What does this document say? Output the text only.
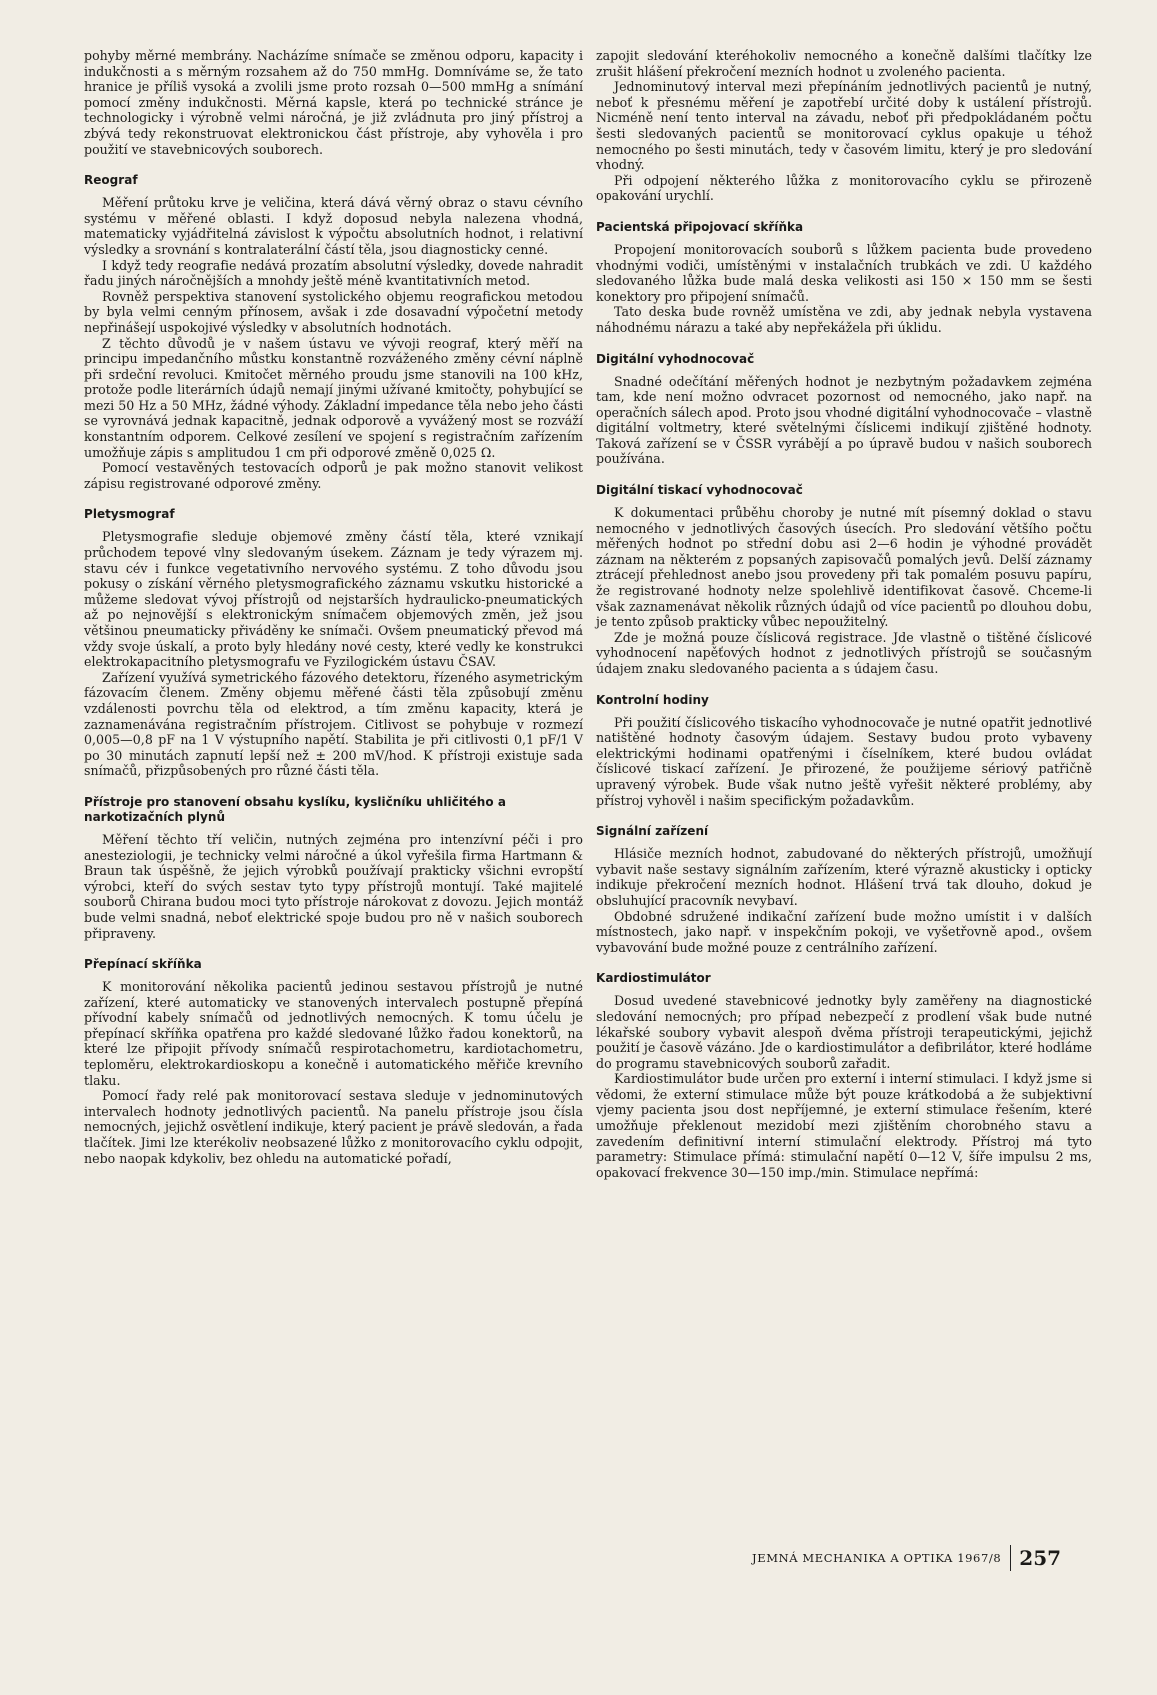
pohyby měrné membrány. Nacházíme snímače se změnou odporu, kapacity i indukčnosti a s měrným rozsahem až do 750 mmHg. Domníváme se, že tato hranice je příliš vysoká a zvolili jsme proto rozsah 0—500 mmHg a snímání pomocí změny indukčnosti. Měrná kapsle, která po technické stránce je technologicky i výrobně velmi náročná, je již zvládnuta pro jiný přístroj a zbývá tedy rekonstruovat elektronickou část přístroje, aby vyhověla i pro použití ve stavebnicových souborech.

Reograf

Měření průtoku krve je veličina, která dává věrný obraz o stavu cévního systému v měřené oblasti. I když doposud nebyla nalezena vhodná, matematicky vyjádřitelná závislost k výpočtu absolutních hodnot, i relativní výsledky a srovnání s kontralaterální částí těla, jsou diagnosticky cenné.

I když tedy reografie nedává prozatím absolutní výsledky, dovede nahradit řadu jiných náročnějších a mnohdy ještě méně kvantitativních metod.

Rovněž perspektiva stanovení systolického objemu reografickou metodou by byla velmi cenným přínosem, avšak i zde dosavadní výpočetní metody nepřinášejí uspokojivé výsledky v absolutních hodnotách.

Z těchto důvodů je v našem ústavu ve vývoji reograf, který měří na principu impedančního můstku konstantně rozváženého změny cévní náplně při srdeční revoluci. Kmitočet měrného proudu jsme stanovili na 100 kHz, protože podle literárních údajů nemají jinými užívané kmitočty, pohybující se mezi 50 Hz a 50 MHz, žádné výhody. Základní impedance těla nebo jeho části se vyrovnává jednak kapacitně, jednak odporově a vyvážený most se rozváží konstantním odporem. Celkové zesílení ve spojení s registračním zařízením umožňuje zápis s amplitudou 1 cm při odporové změně 0,025 Ω.

Pomocí vestavěných testovacích odporů je pak možno stanovit velikost zápisu registrované odporové změny.

Pletysmograf

Pletysmografie sleduje objemové změny částí těla, které vznikají průchodem tepové vlny sledovaným úsekem. Záznam je tedy výrazem mj. stavu cév i funkce vegetativního nervového systému. Z toho důvodu jsou pokusy o získání věrného pletysmografického záznamu vskutku historické a můžeme sledovat vývoj přístrojů od nejstarších hydraulicko-pneumatických až po nejnovější s elektronickým snímačem objemových změn, jež jsou většinou pneumaticky přiváděny ke snímači. Ovšem pneumatický převod má vždy svoje úskalí, a proto byly hledány nové cesty, které vedly ke konstrukci elektrokapacitního pletysmografu ve Fyzilogickém ústavu ČSAV.

Zařízení využívá symetrického fázového detektoru, řízeného asymetrickým fázovacím členem. Změny objemu měřené části těla způsobují změnu vzdálenosti povrchu těla od elektrod, a tím změnu kapacity, která je zaznamenávána registračním přístrojem. Citlivost se pohybuje v rozmezí 0,005—0,8 pF na 1 V výstupního napětí. Stabilita je při citlivosti 0,1 pF/1 V po 30 minutách zapnutí lepší než ± 200 mV/hod. K přístroji existuje sada snímačů, přizpůsobených pro různé části těla.

Přístroje pro stanovení obsahu kyslíku, kysličníku uhličitého a narkotizačních plynů

Měření těchto tří veličin, nutných zejména pro intenzívní péči i pro anesteziologii, je technicky velmi náročné a úkol vyřešila firma Hartmann & Braun tak úspěšně, že jejich výrobků používají prakticky všichni evropští výrobci, kteří do svých sestav tyto typy přístrojů montují. Také majitelé souborů Chirana budou moci tyto přístroje nárokovat z dovozu. Jejich montáž bude velmi snadná, neboť elektrické spoje budou pro ně v našich souborech připraveny.

Přepínací skříňka

K monitorování několika pacientů jedinou sestavou přístrojů je nutné zařízení, které automaticky ve stanovených intervalech postupně přepíná přívodní kabely snímačů od jednotlivých nemocných. K tomu účelu je přepínací skříňka opatřena pro každé sledované lůžko řadou konektorů, na které lze připojit přívody snímačů respirotachometru, kardiotachometru, teploměru, elektrokardioskopu a konečně i automatického měřiče krevního tlaku.

Pomocí řady relé pak monitorovací sestava sleduje v jednominutových intervalech hodnoty jednotlivých pacientů. Na panelu přístroje jsou čísla nemocných, jejichž osvětlení indikuje, který pacient je právě sledován, a řada tlačítek. Jimi lze kterékoliv neobsazené lůžko z monitorovacího cyklu odpojit, nebo naopak kdykoliv, bez ohledu na automatické pořadí,

zapojit sledování kteréhokoliv nemocného a konečně dalšími tlačítky lze zrušit hlášení překročení mezních hodnot u zvoleného pacienta.

Jednominutový interval mezi přepínáním jednotlivých pacientů je nutný, neboť k přesnému měření je zapotřebí určité doby k ustálení přístrojů. Nicméně není tento interval na závadu, neboť při předpokládaném počtu šesti sledovaných pacientů se monitorovací cyklus opakuje u téhož nemocného po šesti minutách, tedy v časovém limitu, který je pro sledování vhodný.

Při odpojení některého lůžka z monitorovacího cyklu se přirozeně opakování urychlí.

Pacientská připojovací skříňka

Propojení monitorovacích souborů s lůžkem pacienta bude provedeno vhodnými vodiči, umístěnými v instalačních trubkách ve zdi. U každého sledovaného lůžka bude malá deska velikosti asi 150 × 150 mm se šesti konektory pro připojení snímačů.

Tato deska bude rovněž umístěna ve zdi, aby jednak nebyla vystavena náhodnému nárazu a také aby nepřekážela při úklidu.

Digitální vyhodnocovač

Snadné odečítání měřených hodnot je nezbytným požadavkem zejména tam, kde není možno odvracet pozornost od nemocného, jako např. na operačních sálech apod. Proto jsou vhodné digitální vyhodnocovače – vlastně digitální voltmetry, které světelnými číslicemi indikují zjištěné hodnoty. Taková zařízení se v ČSSR vyrábějí a po úpravě budou v našich souborech používána.

Digitální tiskací vyhodnocovač

K dokumentaci průběhu choroby je nutné mít písemný doklad o stavu nemocného v jednotlivých časových úsecích. Pro sledování většího počtu měřených hodnot po střední dobu asi 2—6 hodin je výhodné provádět záznam na některém z popsaných zapisovačů pomalých jevů. Delší záznamy ztrácejí přehlednost anebo jsou provedeny při tak pomalém posuvu papíru, že registrované hodnoty nelze spolehlivě identifikovat časově. Chceme-li však zaznamenávat několik různých údajů od více pacientů po dlouhou dobu, je tento způsob prakticky vůbec nepoužitelný.

Zde je možná pouze číslicová registrace. Jde vlastně o tištěné číslicové vyhodnocení napěťových hodnot z jednotlivých přístrojů se současným údajem znaku sledovaného pacienta a s údajem času.

Kontrolní hodiny

Při použití číslicového tiskacího vyhodnocovače je nutné opatřit jednotlivé natištěné hodnoty časovým údajem. Sestavy budou proto vybaveny elektrickými hodinami opatřenými i číselníkem, které budou ovládat číslicové tiskací zařízení. Je přirozené, že použijeme sériový patřičně upravený výrobek. Bude však nutno ještě vyřešit některé problémy, aby přístroj vyhověl i našim specifickým požadavkům.

Signální zařízení

Hlásiče mezních hodnot, zabudované do některých přístrojů, umožňují vybavit naše sestavy signálním zařízením, které výrazně akusticky i opticky indikuje překročení mezních hodnot. Hlášení trvá tak dlouho, dokud je obsluhující pracovník nevybaví.

Obdobné sdružené indikační zařízení bude možno umístit i v dalších místnostech, jako např. v inspekčním pokoji, ve vyšetřovně apod., ovšem vybavování bude možné pouze z centrálního zařízení.

Kardiostimulátor

Dosud uvedené stavebnicové jednotky byly zaměřeny na diagnostické sledování nemocných; pro případ nebezpečí z prodlení však bude nutné lékařské soubory vybavit alespoň dvěma přístroji terapeutickými, jejichž použití je časově vázáno. Jde o kardiostimulátor a defibrilátor, které hodláme do programu stavebnicových souborů zařadit.

Kardiostimulátor bude určen pro externí i interní stimulaci. I když jsme si vědomi, že externí stimulace může být pouze krátkodobá a že subjektivní vjemy pacienta jsou dost nepříjemné, je externí stimulace řešením, které umožňuje překlenout mezidobí mezi zjištěním chorobného stavu a zavedením definitivní interní stimulační elektrody. Přístroj má tyto parametry: Stimulace přímá: stimulační napětí 0—12 V, šíře impulsu 2 ms, opakovací frekvence 30—150 imp./min. Stimulace nepřímá:

JEMNÁ MECHANIKA A OPTIKA 1967/8 257
